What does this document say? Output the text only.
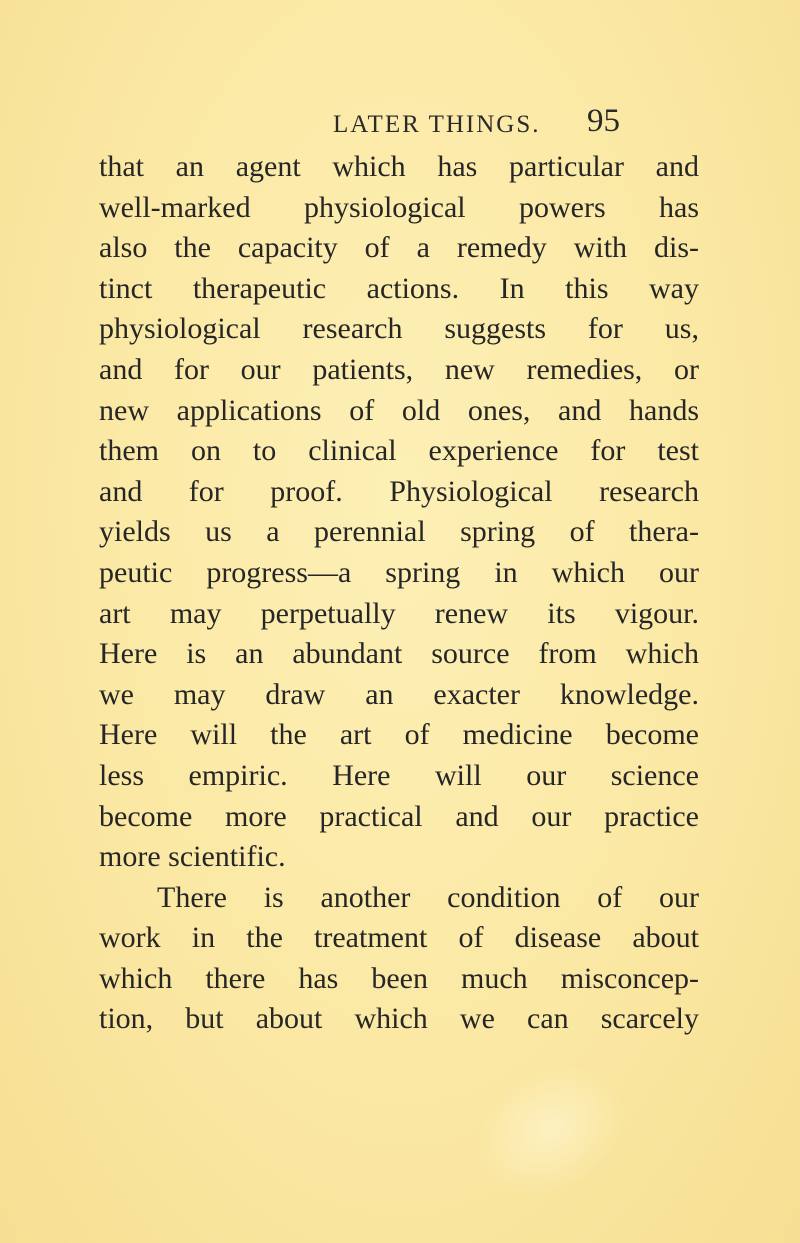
LATER THINGS. 95
that an agent which has particular and
well-marked physiological powers has
also the capacity of a remedy with dis-
tinct therapeutic actions. In this way
physiological research suggests for us,
and for our patients, new remedies, or
new applications of old ones, and hands
them on to clinical experience for test
and for proof. Physiological research
yields us a perennial spring of thera-
peutic progress—a spring in which our
art may perpetually renew its vigour.
Here is an abundant source from which
we may draw an exacter knowledge.
Here will the art of medicine become
less empiric. Here will our science
become more practical and our practice
more scientific.
There is another condition of our
work in the treatment of disease about
which there has been much misconcep-
tion, but about which we can scarcely
